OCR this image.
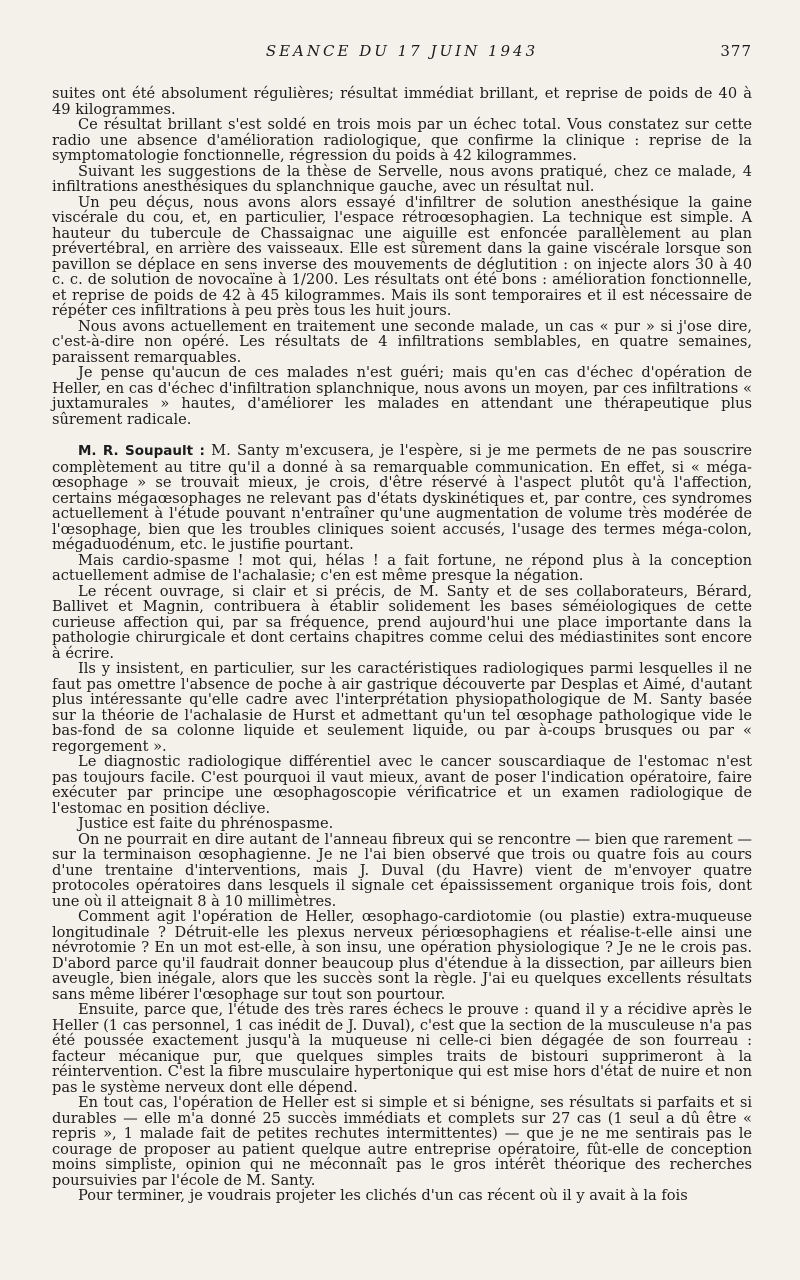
SEANCE DU 17 JUIN 1943	377

suites ont été absolument régulières; résultat immédiat brillant, et reprise de poids de 40 à 49 kilogrammes.

Ce résultat brillant s'est soldé en trois mois par un échec total. Vous constatez sur cette radio une absence d'amélioration radiologique, que confirme la clinique : reprise de la symptomatologie fonctionnelle, régression du poids à 42 kilogrammes.

Suivant les suggestions de la thèse de Servelle, nous avons pratiqué, chez ce malade, 4 infiltrations anesthésiques du splanchnique gauche, avec un résultat nul.

Un peu déçus, nous avons alors essayé d'infiltrer de solution anesthésique la gaine viscérale du cou, et, en particulier, l'espace rétroœsophagien. La technique est simple. A hauteur du tubercule de Chassaignac une aiguille est enfoncée parallèlement au plan prévertébral, en arrière des vaisseaux. Elle est sûrement dans la gaine viscérale lorsque son pavillon se déplace en sens inverse des mouvements de déglutition : on injecte alors 30 à 40 c. c. de solution de novocaïne à 1/200. Les résultats ont été bons : amélioration fonctionnelle, et reprise de poids de 42 à 45 kilogrammes. Mais ils sont temporaires et il est nécessaire de répéter ces infiltrations à peu près tous les huit jours.

Nous avons actuellement en traitement une seconde malade, un cas « pur » si j'ose dire, c'est-à-dire non opéré. Les résultats de 4 infiltrations semblables, en quatre semaines, paraissent remarquables.

Je pense qu'aucun de ces malades n'est guéri; mais qu'en cas d'échec d'opération de Heller, en cas d'échec d'infiltration splanchnique, nous avons un moyen, par ces infiltrations « juxtamurales » hautes, d'améliorer les malades en attendant une thérapeutique plus sûrement radicale.

M. R. Soupault : M. Santy m'excusera, je l'espère, si je me permets de ne pas souscrire complètement au titre qu'il a donné à sa remarquable communication. En effet, si « méga-œsophage » se trouvait mieux, je crois, d'être réservé à l'aspect plutôt qu'à l'affection, certains mégaœsophages ne relevant pas d'états dyskinétiques et, par contre, ces syndromes actuellement à l'étude pouvant n'entraîner qu'une augmentation de volume très modérée de l'œsophage, bien que les troubles cliniques soient accusés, l'usage des termes méga-colon, mégaduodénum, etc. le justifie pourtant.

Mais cardio-spasme ! mot qui, hélas ! a fait fortune, ne répond plus à la conception actuellement admise de l'achalasie; c'en est même presque la négation.

Le récent ouvrage, si clair et si précis, de M. Santy et de ses collaborateurs, Bérard, Ballivet et Magnin, contribuera à établir solidement les bases séméiologiques de cette curieuse affection qui, par sa fréquence, prend aujourd'hui une place importante dans la pathologie chirurgicale et dont certains chapitres comme celui des médiastinites sont encore à écrire.

Ils y insistent, en particulier, sur les caractéristiques radiologiques parmi lesquelles il ne faut pas omettre l'absence de poche à air gastrique découverte par Desplas et Aimé, d'autant plus intéressante qu'elle cadre avec l'interprétation physiopathologique de M. Santy basée sur la théorie de l'achalasie de Hurst et admettant qu'un tel œsophage pathologique vide le bas-fond de sa colonne liquide et seulement liquide, ou par à-coups brusques ou par « regorgement ».

Le diagnostic radiologique différentiel avec le cancer souscardiaque de l'estomac n'est pas toujours facile. C'est pourquoi il vaut mieux, avant de poser l'indication opératoire, faire exécuter par principe une œsophagoscopie vérificatrice et un examen radiologique de l'estomac en position déclive.

Justice est faite du phrénospasme.

On ne pourrait en dire autant de l'anneau fibreux qui se rencontre — bien que rarement — sur la terminaison œsophagienne. Je ne l'ai bien observé que trois ou quatre fois au cours d'une trentaine d'interventions, mais J. Duval (du Havre) vient de m'envoyer quatre protocoles opératoires dans lesquels il signale cet épaississement organique trois fois, dont une où il atteignait 8 à 10 millimètres.

Comment agit l'opération de Heller, œsophago-cardiotomie (ou plastie) extra-muqueuse longitudinale ? Détruit-elle les plexus nerveux périœsophagiens et réalise-t-elle ainsi une névrotomie ? En un mot est-elle, à son insu, une opération physiologique ? Je ne le crois pas. D'abord parce qu'il faudrait donner beaucoup plus d'étendue à la dissection, par ailleurs bien aveugle, bien inégale, alors que les succès sont la règle. J'ai eu quelques excellents résultats sans même libérer l'œsophage sur tout son pourtour.

Ensuite, parce que, l'étude des très rares échecs le prouve : quand il y a récidive après le Heller (1 cas personnel, 1 cas inédit de J. Duval), c'est que la section de la musculeuse n'a pas été poussée exactement jusqu'à la muqueuse ni celle-ci bien dégagée de son fourreau : facteur mécanique pur, que quelques simples traits de bistouri supprimeront à la réintervention. C'est la fibre musculaire hypertonique qui est mise hors d'état de nuire et non pas le système nerveux dont elle dépend.

En tout cas, l'opération de Heller est si simple et si bénigne, ses résultats si parfaits et si durables — elle m'a donné 25 succès immédiats et complets sur 27 cas (1 seul a dû être « repris », 1 malade fait de petites rechutes intermittentes) — que je ne me sentirais pas le courage de proposer au patient quelque autre entreprise opératoire, fût-elle de conception moins simpliste, opinion qui ne méconnaît pas le gros intérêt théorique des recherches poursuivies par l'école de M. Santy.

Pour terminer, je voudrais projeter les clichés d'un cas récent où il y avait à la fois
